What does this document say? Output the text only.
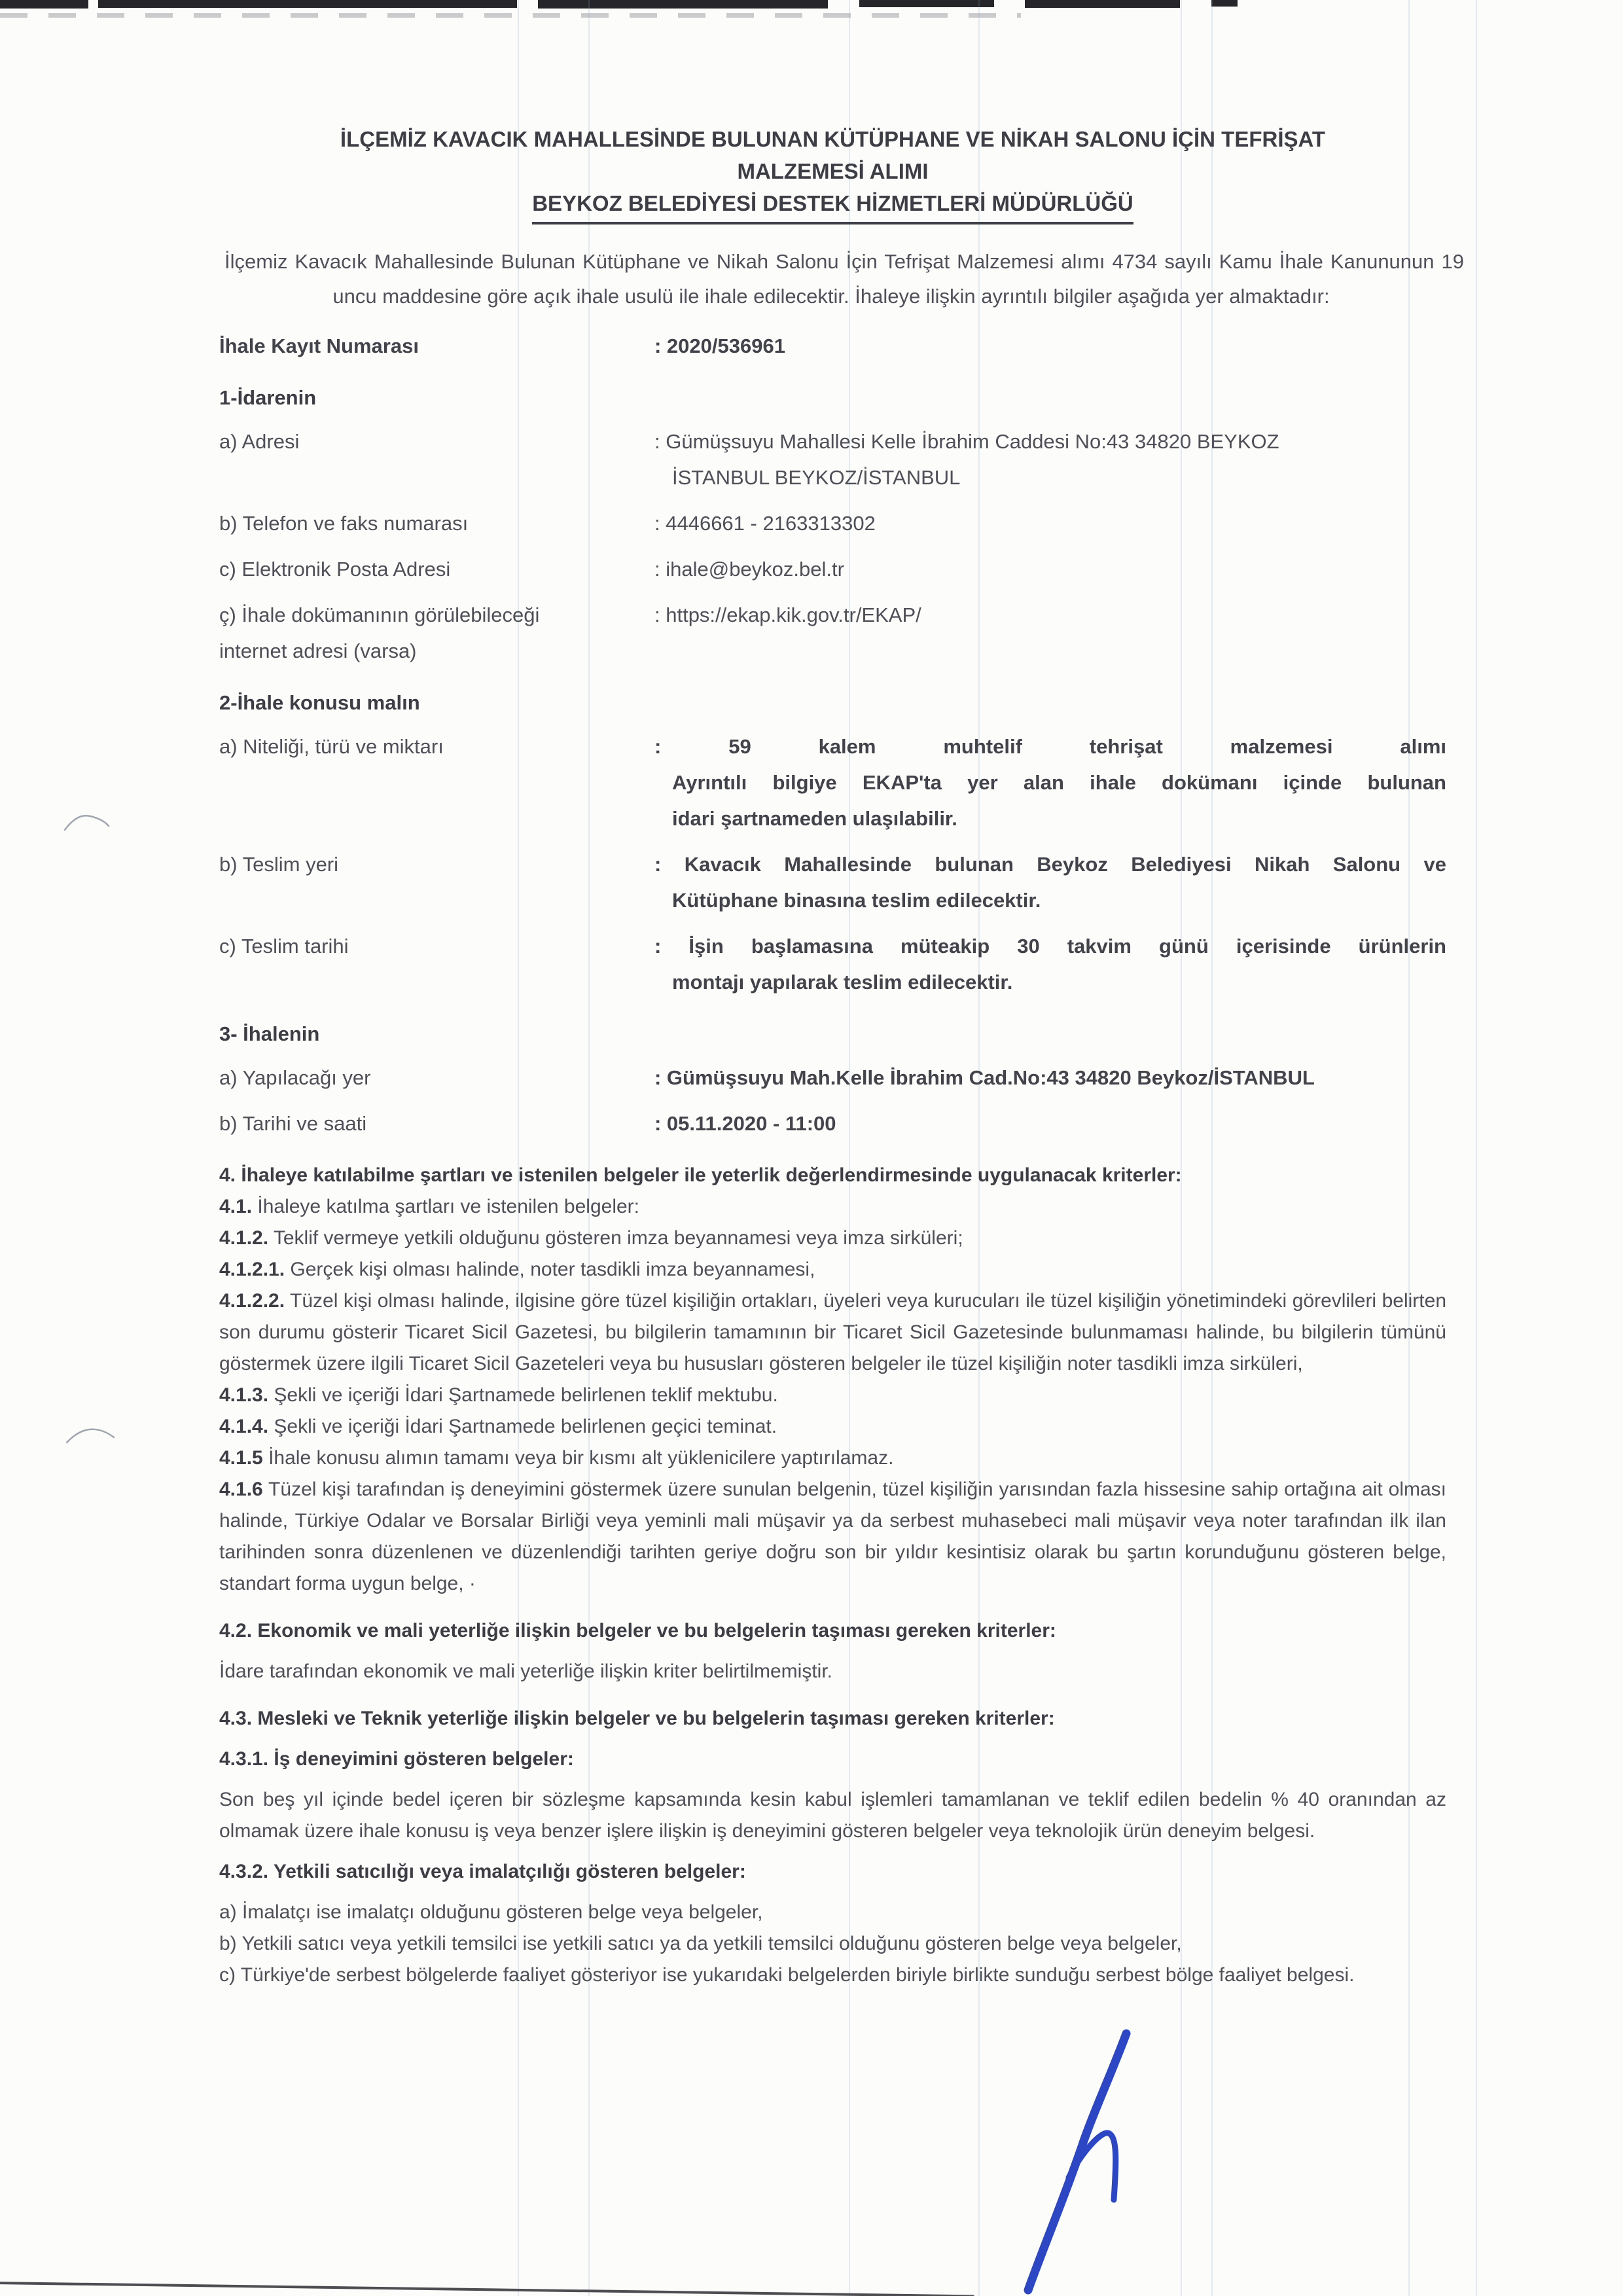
İLÇEMİZ KAVACIK MAHALLESİNDE BULUNAN KÜTÜPHANE VE NİKAH SALONU İÇİN TEFRİŞAT
MALZEMESİ ALIMI
BEYKOZ BELEDİYESİ DESTEK HİZMETLERİ MÜDÜRLÜĞÜ
İlçemiz Kavacık Mahallesinde Bulunan Kütüphane ve Nikah Salonu İçin Tefrişat Malzemesi alımı 4734 sayılı Kamu İhale Kanununun 19 uncu maddesine göre açık ihale usulü ile ihale edilecektir. İhaleye ilişkin ayrıntılı bilgiler aşağıda yer almaktadır:
İhale Kayıt Numarası	: 2020/536961
1-İdarenin
a) Adresi	: Gümüşsuyu Mahallesi Kelle İbrahim Caddesi No:43 34820 BEYKOZ
İSTANBUL BEYKOZ/İSTANBUL
b) Telefon ve faks numarası	: 4446661 - 2163313302
c) Elektronik Posta Adresi	: ihale@beykoz.bel.tr
ç) İhale dokümanının görülebileceği
internet adresi (varsa)
: https://ekap.kik.gov.tr/EKAP/
2-İhale konusu malın
a) Niteliği, türü ve miktarı	: 59 kalem muhtelif tehrişat malzemesi alımı
Ayrıntılı bilgiye EKAP'ta yer alan ihale dokümanı içinde bulunan
idari şartnameden ulaşılabilir.
b) Teslim yeri	: Kavacık Mahallesinde bulunan Beykoz Belediyesi Nikah Salonu ve
Kütüphane binasına teslim edilecektir.
c) Teslim tarihi	: İşin başlamasına müteakip 30 takvim günü içerisinde ürünlerin
montajı yapılarak teslim edilecektir.
3- İhalenin
a) Yapılacağı yer	: Gümüşsuyu Mah.Kelle İbrahim Cad.No:43 34820 Beykoz/İSTANBUL
b) Tarihi ve saati	: 05.11.2020 - 11:00
4. İhaleye katılabilme şartları ve istenilen belgeler ile yeterlik değerlendirmesinde uygulanacak kriterler:
4.1. İhaleye katılma şartları ve istenilen belgeler:
4.1.2. Teklif vermeye yetkili olduğunu gösteren imza beyannamesi veya imza sirküleri;
4.1.2.1. Gerçek kişi olması halinde, noter tasdikli imza beyannamesi,
4.1.2.2. Tüzel kişi olması halinde, ilgisine göre tüzel kişiliğin ortakları, üyeleri veya kurucuları ile tüzel kişiliğin yönetimindeki görevlileri belirten son durumu gösterir Ticaret Sicil Gazetesi, bu bilgilerin tamamının bir Ticaret Sicil Gazetesinde bulunmaması halinde, bu bilgilerin tümünü göstermek üzere ilgili Ticaret Sicil Gazeteleri veya bu hususları gösteren belgeler ile tüzel kişiliğin noter tasdikli imza sirküleri,
4.1.3. Şekli ve içeriği İdari Şartnamede belirlenen teklif mektubu.
4.1.4. Şekli ve içeriği İdari Şartnamede belirlenen geçici teminat.
4.1.5 İhale konusu alımın tamamı veya bir kısmı alt yüklenicilere yaptırılamaz.
4.1.6 Tüzel kişi tarafından iş deneyimini göstermek üzere sunulan belgenin, tüzel kişiliğin yarısından fazla hissesine sahip ortağına ait olması halinde, Türkiye Odalar ve Borsalar Birliği veya yeminli mali müşavir ya da serbest muhasebeci mali müşavir veya noter tarafından ilk ilan tarihinden sonra düzenlenen ve düzenlendiği tarihten geriye doğru son bir yıldır kesintisiz olarak bu şartın korunduğunu gösteren belge, standart forma uygun belge, ·
4.2. Ekonomik ve mali yeterliğe ilişkin belgeler ve bu belgelerin taşıması gereken kriterler:
İdare tarafından ekonomik ve mali yeterliğe ilişkin kriter belirtilmemiştir.
4.3. Mesleki ve Teknik yeterliğe ilişkin belgeler ve bu belgelerin taşıması gereken kriterler:
4.3.1. İş deneyimini gösteren belgeler:
Son beş yıl içinde bedel içeren bir sözleşme kapsamında kesin kabul işlemleri tamamlanan ve teklif edilen bedelin % 40 oranından az olmamak üzere ihale konusu iş veya benzer işlere ilişkin iş deneyimini gösteren belgeler veya teknolojik ürün deneyim belgesi.
4.3.2. Yetkili satıcılığı veya imalatçılığı gösteren belgeler:
a) İmalatçı ise imalatçı olduğunu gösteren belge veya belgeler,
b) Yetkili satıcı veya yetkili temsilci ise yetkili satıcı ya da yetkili temsilci olduğunu gösteren belge veya belgeler,
c) Türkiye'de serbest bölgelerde faaliyet gösteriyor ise yukarıdaki belgelerden biriyle birlikte sunduğu serbest bölge faaliyet belgesi.
